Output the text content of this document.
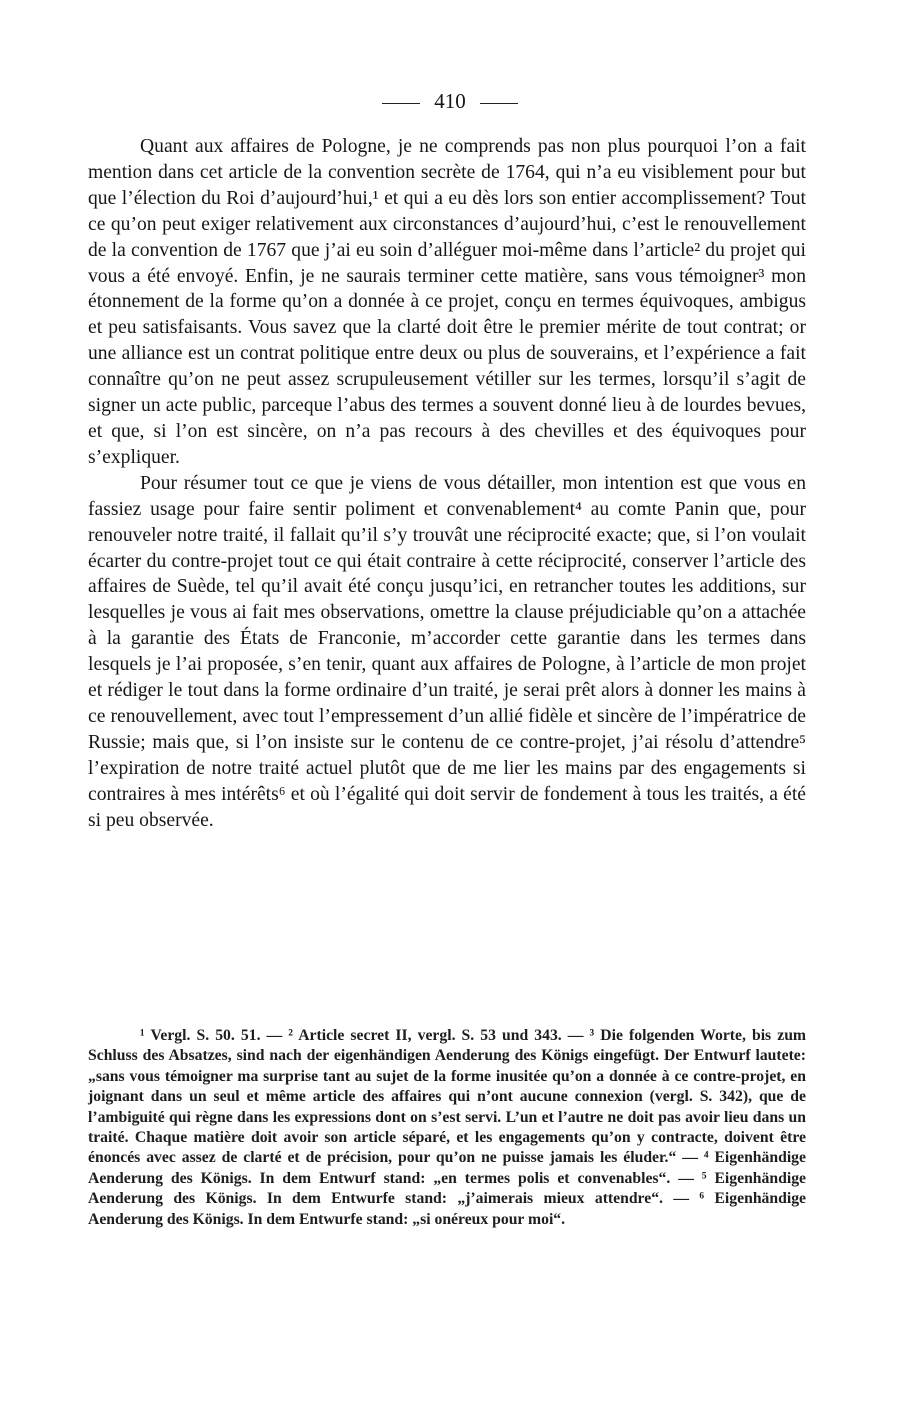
410

Quant aux affaires de Pologne, je ne comprends pas non plus pourquoi l’on a fait mention dans cet article de la convention secrète de 1764, qui n’a eu visiblement pour but que l’élection du Roi d’aujourd’hui,¹ et qui a eu dès lors son entier accomplissement? Tout ce qu’on peut exiger relativement aux circonstances d’aujourd’hui, c’est le renouvellement de la convention de 1767 que j’ai eu soin d’alléguer moi-même dans l’article² du projet qui vous a été envoyé. Enfin, je ne saurais terminer cette matière, sans vous témoigner³ mon étonnement de la forme qu’on a donnée à ce projet, conçu en termes équivoques, ambigus et peu satisfaisants. Vous savez que la clarté doit être le premier mérite de tout contrat; or une alliance est un contrat politique entre deux ou plus de souverains, et l’expérience a fait connaître qu’on ne peut assez scrupuleusement vétiller sur les termes, lorsqu’il s’agit de signer un acte public, parceque l’abus des termes a souvent donné lieu à de lourdes bevues, et que, si l’on est sincère, on n’a pas recours à des chevilles et des équivoques pour s’expliquer.

Pour résumer tout ce que je viens de vous détailler, mon intention est que vous en fassiez usage pour faire sentir poliment et convenablement⁴ au comte Panin que, pour renouveler notre traité, il fallait qu’il s’y trouvât une réciprocité exacte; que, si l’on voulait écarter du contre-projet tout ce qui était contraire à cette réciprocité, conserver l’article des affaires de Suède, tel qu’il avait été conçu jusqu’ici, en retrancher toutes les additions, sur lesquelles je vous ai fait mes observations, omettre la clause préjudiciable qu’on a attachée à la garantie des États de Franconie, m’accorder cette garantie dans les termes dans lesquels je l’ai proposée, s’en tenir, quant aux affaires de Pologne, à l’article de mon projet et rédiger le tout dans la forme ordinaire d’un traité, je serai prêt alors à donner les mains à ce renouvellement, avec tout l’empressement d’un allié fidèle et sincère de l’impératrice de Russie; mais que, si l’on insiste sur le contenu de ce contre-projet, j’ai résolu d’attendre⁵ l’expiration de notre traité actuel plutôt que de me lier les mains par des engagements si contraires à mes intérêts⁶ et où l’égalité qui doit servir de fondement à tous les traités, a été si peu observée.

¹ Vergl. S. 50. 51. — ² Article secret II, vergl. S. 53 und 343. — ³ Die folgenden Worte, bis zum Schluss des Absatzes, sind nach der eigenhändigen Aenderung des Königs eingefügt. Der Entwurf lautete: „sans vous témoigner ma surprise tant au sujet de la forme inusitée qu’on a donnée à ce contre-projet, en joignant dans un seul et même article des affaires qui n’ont aucune connexion (vergl. S. 342), que de l’ambiguité qui règne dans les expressions dont on s’est servi. L’un et l’autre ne doit pas avoir lieu dans un traité. Chaque matière doit avoir son article séparé, et les engagements qu’on y contracte, doivent être énoncés avec assez de clarté et de précision, pour qu’on ne puisse jamais les éluder.“ — ⁴ Eigenhändige Aenderung des Königs. In dem Entwurf stand: „en termes polis et convenables“. — ⁵ Eigenhändige Aenderung des Königs. In dem Entwurfe stand: „j’aimerais mieux attendre“. — ⁶ Eigenhändige Aenderung des Königs. In dem Entwurfe stand: „si onéreux pour moi“.
